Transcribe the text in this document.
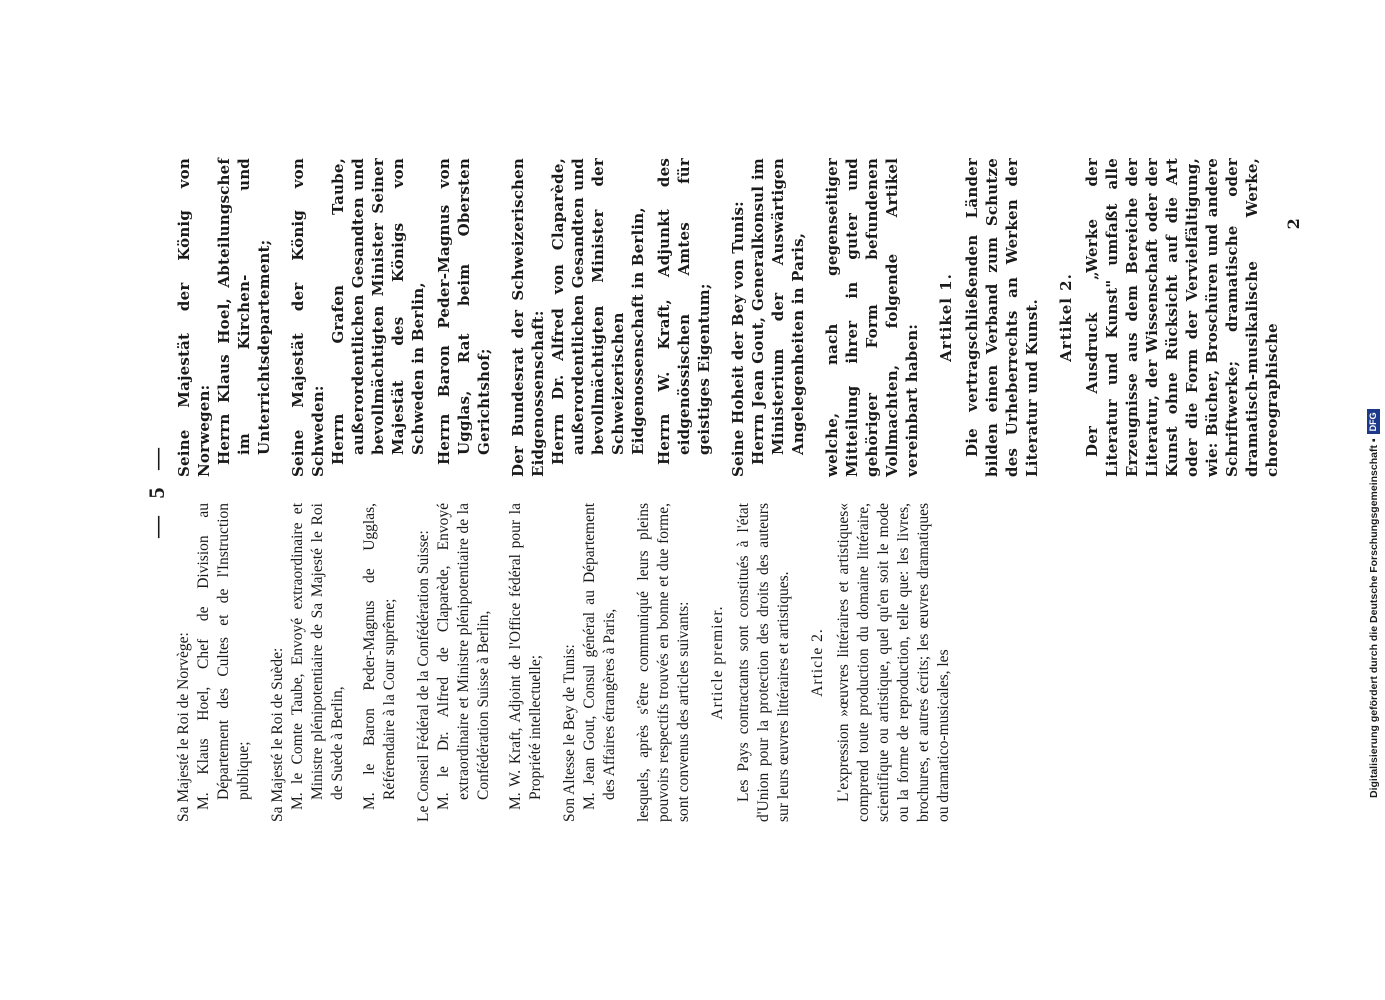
— 5 —
Sa Majesté le Roi de Norvège: M. Klaus Hoel, Chef de Division au Département des Cultes et de l'Instruction publique; Sa Majesté le Roi de Suède: M. le Comte Taube, Envoyé extraordinaire et Ministre plénipotentiaire de Sa Majesté le Roi de Suède à Berlin, M. le Baron Peder-Magnus de Ugglas, Référendaire à la Cour suprême; Le Conseil Fédéral de la Confédération Suisse: M. le Dr. Alfred de Claparède, Envoyé extraordinaire et Ministre plénipotentiaire de la Confédération Suisse à Berlin, M. W. Kraft, Adjoint de l'Office fédéral pour la Propriété intellectuelle; Son Altesse le Bey de Tunis: M. Jean Gout, Consul général au Département des Affaires étrangères à Paris, lesquels, après s'être communiqué leurs pleins pouvoirs respectifs trouvés en bonne et due forme, sont convenus des articles suivants: Article premier. Les Pays contractants sont constitués à l'état d'Union pour la protection des droits des auteurs sur leurs œuvres littéraires et artistiques. Article 2. L'expression »œuvres littéraires et artistiques« comprend toute production du domaine littéraire, scientifique ou artistique, quel qu'en soit le mode ou la forme de reproduction, telle que: les livres, brochures, et autres écrits; les œuvres dramatiques ou dramatico-musicales, les
Seine Majestät der König von Norwegen: Herrn Klaus Hoel, Abteilungschef im Kirchen- und Unterrichtsdepartement; Seine Majestät der König von Schweden: Herrn Grafen Taube, außerordentlichen Gesandten und bevollmächtigten Minister Seiner Majestät des Königs von Schweden in Berlin, Herrn Baron Peder-Magnus von Ugglas, Rat beim Obersten Gerichtshof; Der Bundesrat der Schweizerischen Eidgenossenschaft: Herrn Dr. Alfred von Claparède, außerordentlichen Gesandten und bevollmächtigten Minister der Schweizerischen Eidgenossenschaft in Berlin, Herrn W. Kraft, Adjunkt des eidgenössischen Amtes für geistiges Eigentum; Seine Hoheit der Bey von Tunis: Herrn Jean Gout, Generalkonsul im Ministerium der Auswärtigen Angelegenheiten in Paris, welche, nach gegenseitiger Mitteilung ihrer in guter und gehöriger Form befundenen Vollmachten, folgende Artikel vereinbart haben:
Artikel 1. Die vertragschließenden Länder bilden einen Verband zum Schutze des Urheberrechts an Werken der Literatur und Kunst. Artikel 2. Der Ausdruck „Werke der Literatur und Kunst" umfaßt alle Erzeugnisse aus dem Bereiche der Literatur, der Wissenschaft oder der Kunst ohne Rücksicht auf die Art oder die Form der Vervielfältigung, wie: Bücher, Broschüren und andere Schriftwerke; dramatische oder dramatisch-musikalische Werke, choreographische
2
Digitalisierung gefördert durch die Deutsche Forschungsgemeinschaft ▪
DFG
